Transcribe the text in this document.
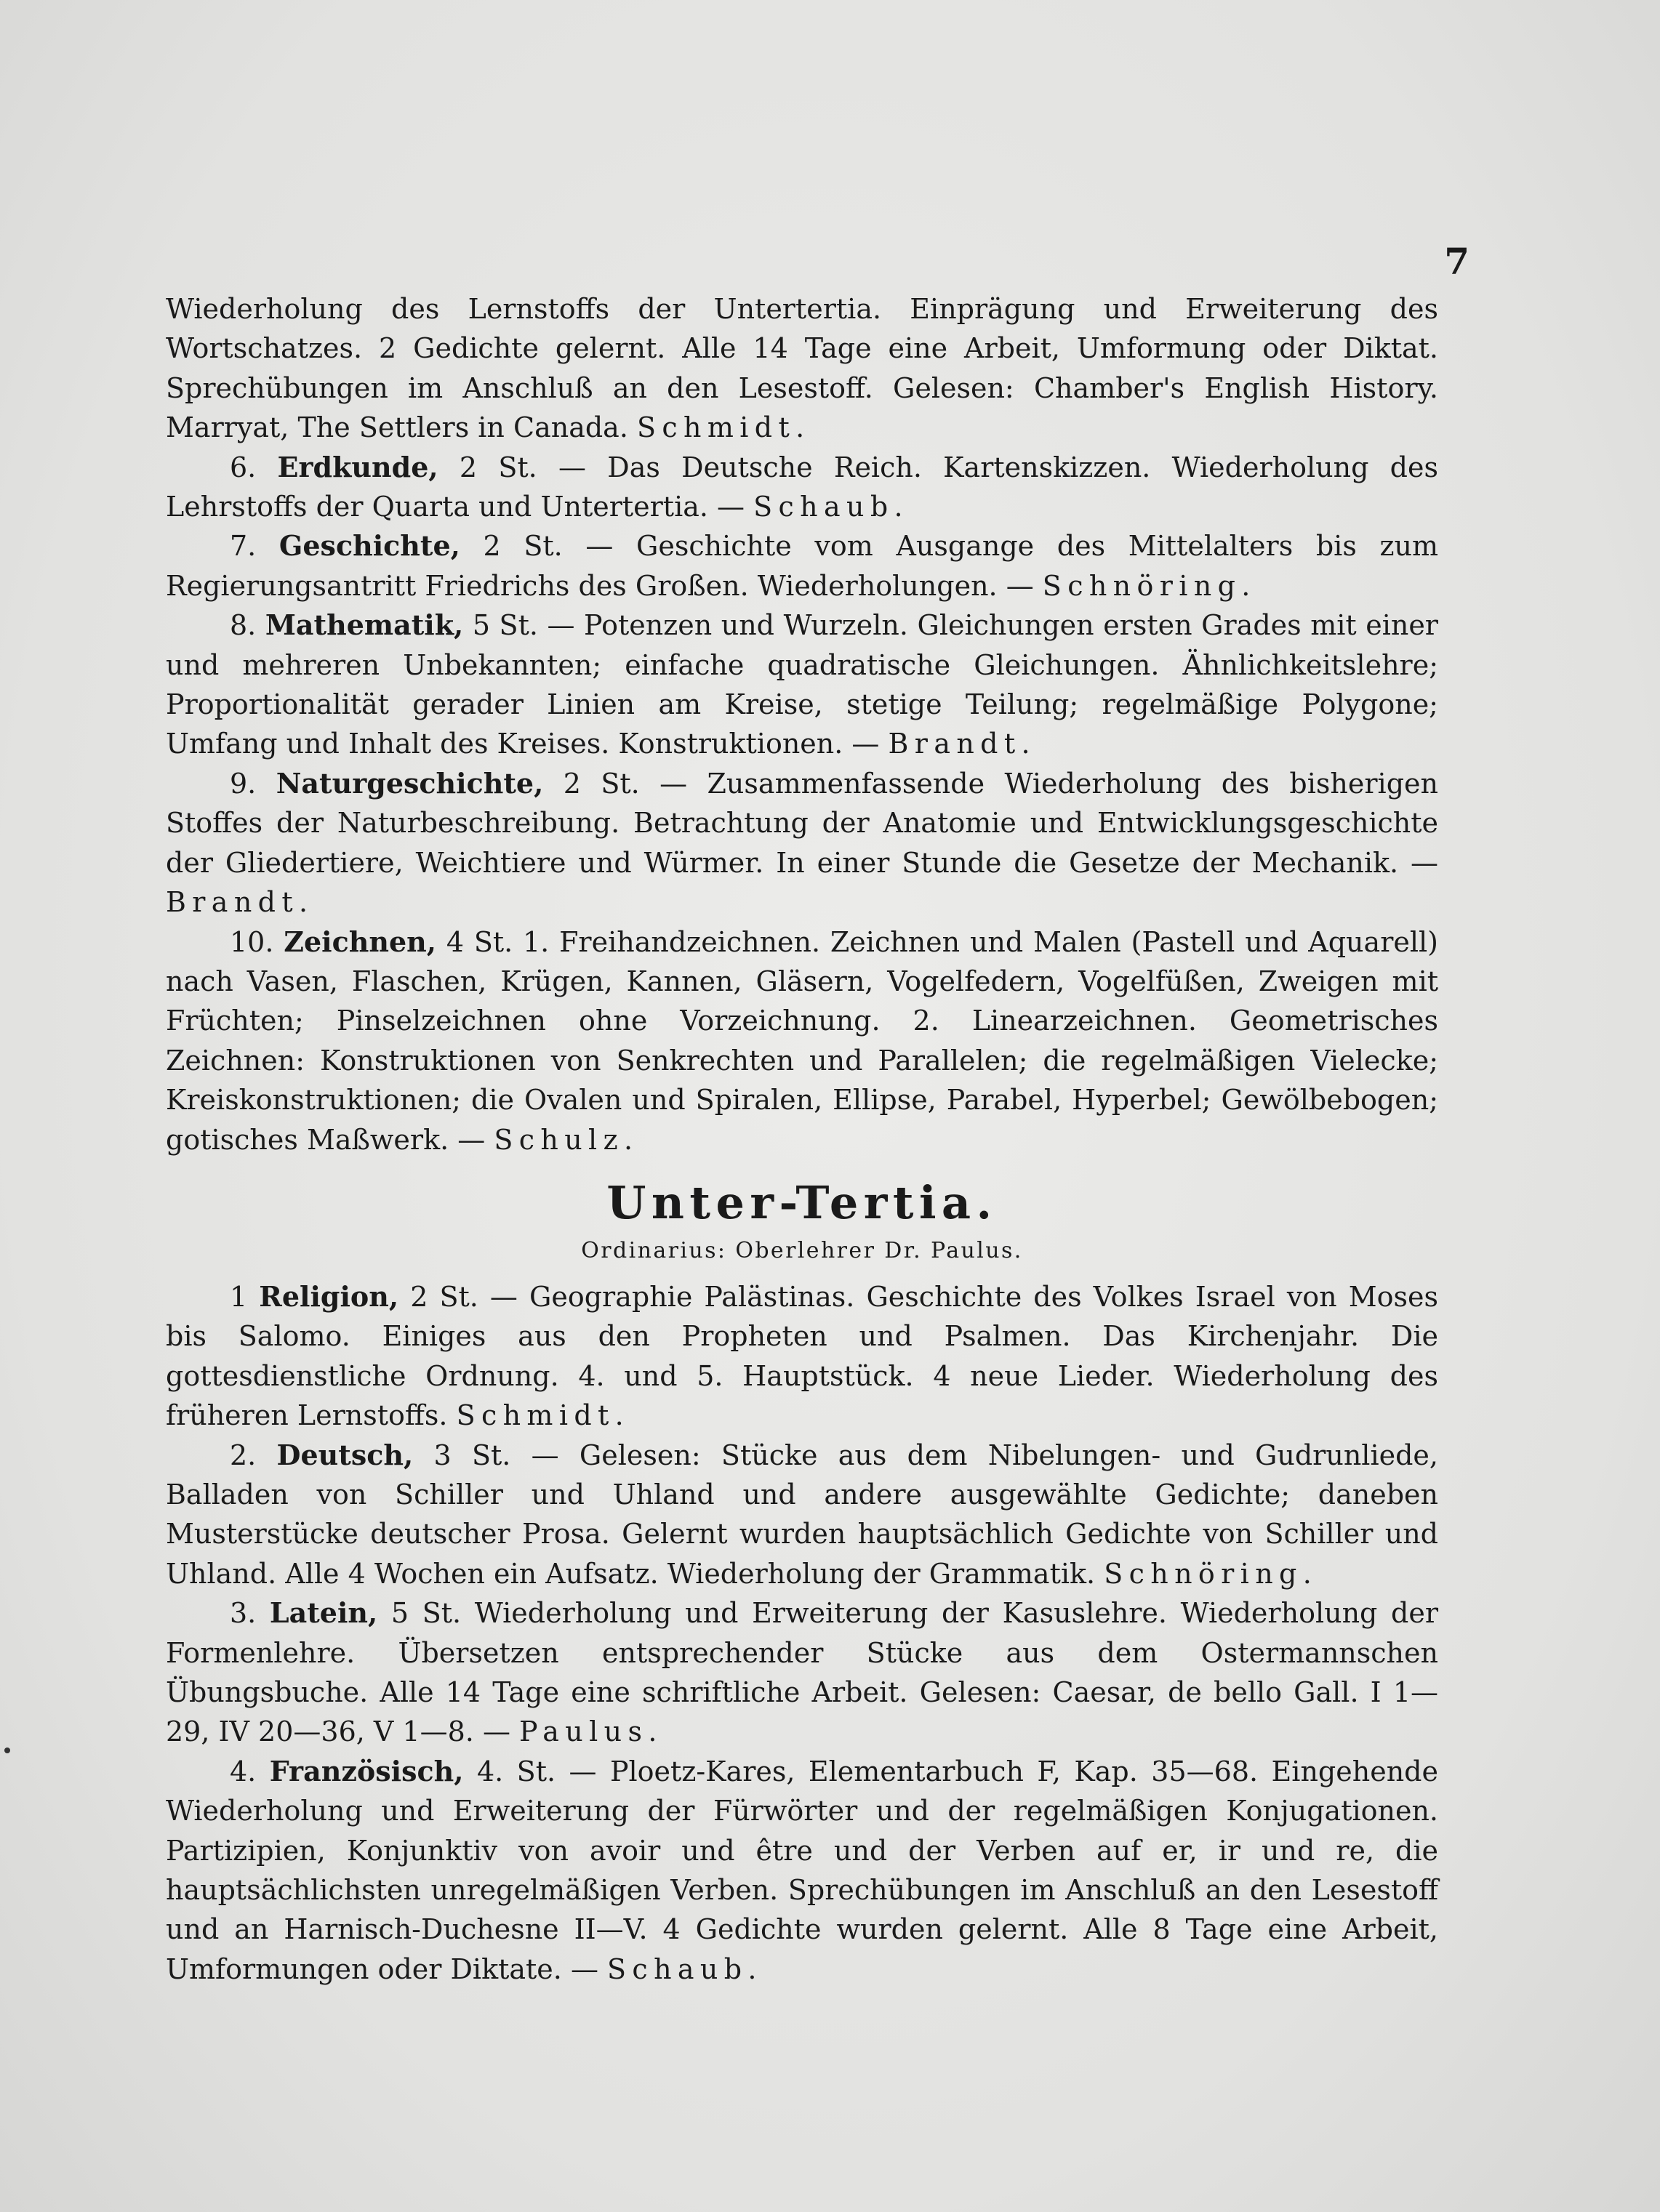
7

Wiederholung des Lernstoffs der Untertertia. Einprägung und Erweiterung des Wortschatzes. 2 Gedichte gelernt. Alle 14 Tage eine Arbeit, Umformung oder Diktat. Sprechübungen im Anschluß an den Lesestoff. Gelesen: Chamber's English History. Marryat, The Settlers in Canada. Schmidt.

6. Erdkunde, 2 St. — Das Deutsche Reich. Kartenskizzen. Wiederholung des Lehrstoffs der Quarta und Untertertia. — Schaub.

7. Geschichte, 2 St. — Geschichte vom Ausgange des Mittelalters bis zum Regierungsantritt Friedrichs des Großen. Wiederholungen. — Schnöring.

8. Mathematik, 5 St. — Potenzen und Wurzeln. Gleichungen ersten Grades mit einer und mehreren Unbekannten; einfache quadratische Gleichungen. Ähnlichkeitslehre; Proportionalität gerader Linien am Kreise, stetige Teilung; regelmäßige Polygone; Umfang und Inhalt des Kreises. Konstruktionen. — Brandt.

9. Naturgeschichte, 2 St. — Zusammenfassende Wiederholung des bisherigen Stoffes der Naturbeschreibung. Betrachtung der Anatomie und Entwicklungsgeschichte der Gliedertiere, Weichtiere und Würmer. In einer Stunde die Gesetze der Mechanik. — Brandt.

10. Zeichnen, 4 St. 1. Freihandzeichnen. Zeichnen und Malen (Pastell und Aquarell) nach Vasen, Flaschen, Krügen, Kannen, Gläsern, Vogelfedern, Vogelfüßen, Zweigen mit Früchten; Pinselzeichnen ohne Vorzeichnung. 2. Linearzeichnen. Geometrisches Zeichnen: Konstruktionen von Senkrechten und Parallelen; die regelmäßigen Vielecke; Kreiskonstruktionen; die Ovalen und Spiralen, Ellipse, Parabel, Hyperbel; Gewölbebogen; gotisches Maßwerk. — Schulz.

Unter-Tertia.
Ordinarius: Oberlehrer Dr. Paulus.

1 Religion, 2 St. — Geographie Palästinas. Geschichte des Volkes Israel von Moses bis Salomo. Einiges aus den Propheten und Psalmen. Das Kirchenjahr. Die gottesdienstliche Ordnung. 4. und 5. Hauptstück. 4 neue Lieder. Wiederholung des früheren Lernstoffs. Schmidt.

2. Deutsch, 3 St. — Gelesen: Stücke aus dem Nibelungen- und Gudrunliede, Balladen von Schiller und Uhland und andere ausgewählte Gedichte; daneben Musterstücke deutscher Prosa. Gelernt wurden hauptsächlich Gedichte von Schiller und Uhland. Alle 4 Wochen ein Aufsatz. Wiederholung der Grammatik. Schnöring.

3. Latein, 5 St. Wiederholung und Erweiterung der Kasuslehre. Wiederholung der Formenlehre. Übersetzen entsprechender Stücke aus dem Ostermannschen Übungsbuche. Alle 14 Tage eine schriftliche Arbeit. Gelesen: Caesar, de bello Gall. I 1—29, IV 20—36, V 1—8. — Paulus.

4. Französisch, 4. St. — Ploetz-Kares, Elementarbuch F, Kap. 35—68. Eingehende Wiederholung und Erweiterung der Fürwörter und der regelmäßigen Konjugationen. Partizipien, Konjunktiv von avoir und être und der Verben auf er, ir und re, die hauptsächlichsten unregelmäßigen Verben. Sprechübungen im Anschluß an den Lesestoff und an Harnisch-Duchesne II—V. 4 Gedichte wurden gelernt. Alle 8 Tage eine Arbeit, Umformungen oder Diktate. — Schaub.
